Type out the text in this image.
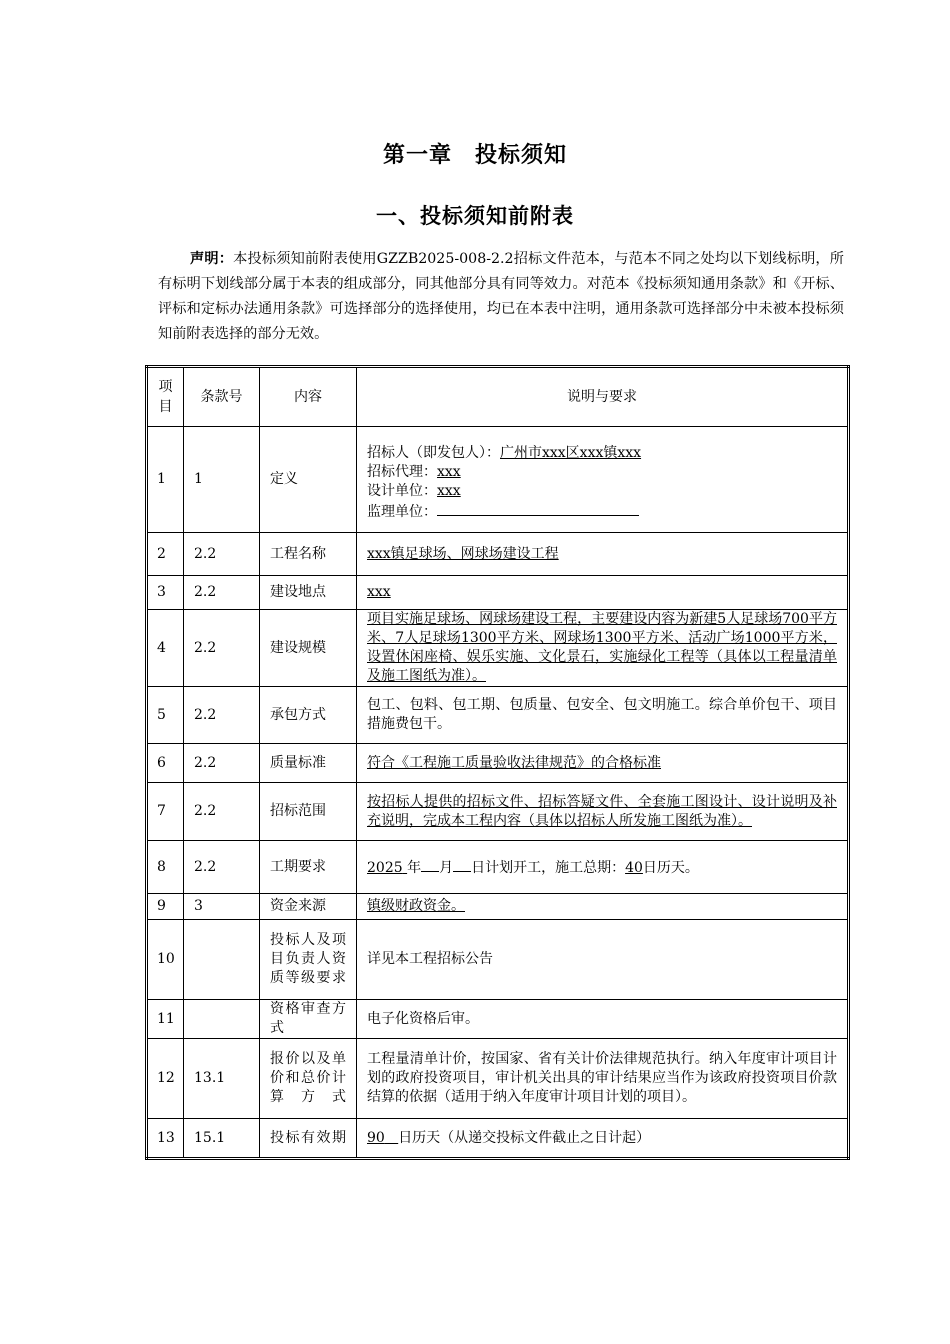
第一章　投标须知
一、投标须知前附表
声明：本投标须知前附表使用GZZB2025-008-2.2招标文件范本，与范本不同之处均以下划线标明，所有标明下划线部分属于本表的组成部分，同其他部分具有同等效力。对范本《投标须知通用条款》和《开标、评标和定标办法通用条款》可选择部分的选择使用，均已在本表中注明，通用条款可选择部分中未被本投标须知前附表选择的部分无效。
项目	条款号	内容	说明与要求
1	1	定义	招标人（即发包人）：广州市xxx区xxx镇xxx
招标代理：xxx
设计单位：xxx
监理单位：

2	2.2	工程名称	xxx镇足球场、网球场建设工程
3	2.2	建设地点	xxx
4	2.2	建设规模	项目实施足球场、网球场建设工程，主要建设内容为新建5人足球场700平方米、7人足球场1300平方米、网球场1300平方米、活动广场1000平方米，设置休闲座椅、娱乐实施、文化景石，实施绿化工程等（具体以工程量清单及施工图纸为准）。
5	2.2	承包方式	包工、包料、包工期、包质量、包安全、包文明施工。综合单价包干、项目措施费包干。
6	2.2	质量标准	符合《工程施工质量验收法律规范》的合格标准
7	2.2	招标范围	按招标人提供的招标文件、招标答疑文件、全套施工图设计、设计说明及补充说明，完成本工程内容（具体以招标人所发施工图纸为准）。
8	2.2	工期要求	2025 年 月 日计划开工，施工总期：40日历天。
9	3	资金来源	镇级财政资金。
10		投标人及项目负责人资质等级要求	详见本工程招标公告
11		资格审查方式	电子化资格后审。
12	13.1	报价以及单价和总价计算方式	工程量清单计价，按国家、省有关计价法律规范执行。纳入年度审计项目计划的政府投资项目，审计机关出具的审计结果应当作为该政府投资项目价款结算的依据（适用于纳入年度审计项目计划的项目）。
13	15.1	投标有效期	90 日历天（从递交投标文件截止之日计起）
